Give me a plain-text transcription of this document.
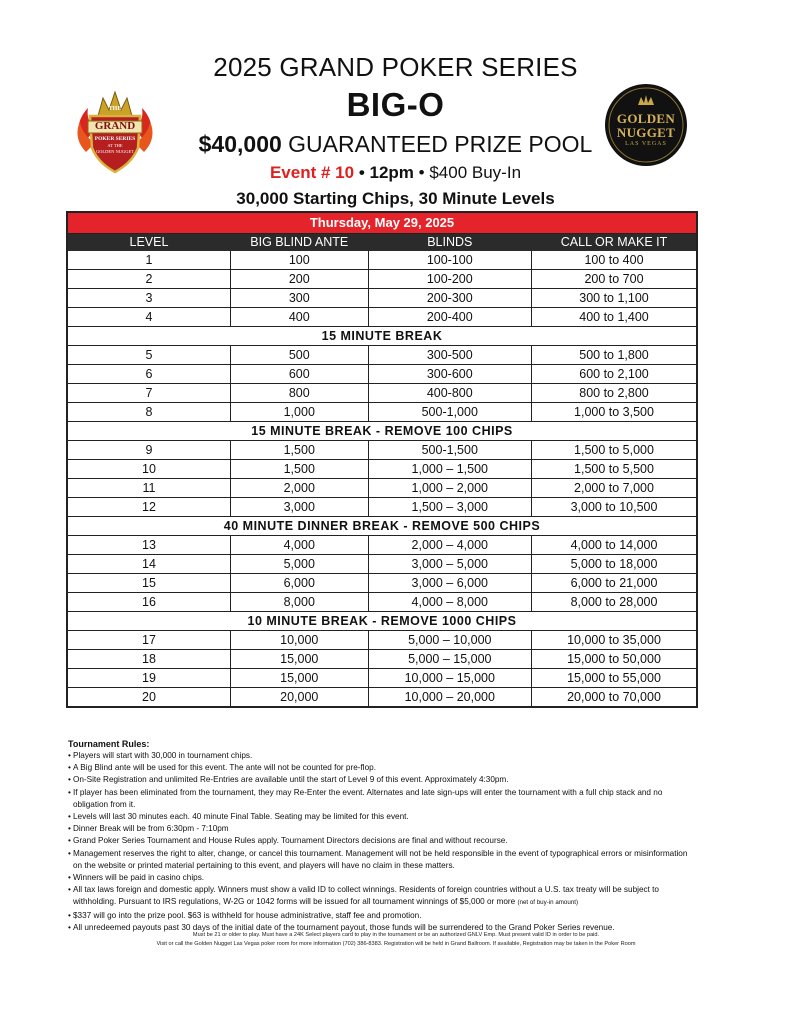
THE
GRAND
POKER SERIES
AT THE
GOLDEN NUGGET
GOLDEN
NUGGET
LAS VEGAS
2025 GRAND POKER SERIES
BIG-O
$40,000 GUARANTEED PRIZE POOL
Event # 10 • 12pm • $400 Buy-In
30,000 Starting Chips, 30 Minute Levels
Thursday, May 29, 2025			
LEVEL	BIG BLIND ANTE	BLINDS	CALL OR MAKE IT
1	100	100-100	100 to 400
2	200	100-200	200 to 700
3	300	200-300	300 to 1,100
4	400	200-400	400 to 1,400
15 MINUTE BREAK			
5	500	300-500	500 to 1,800
6	600	300-600	600 to 2,100
7	800	400-800	800 to 2,800
8	1,000	500-1,000	1,000 to 3,500
15 MINUTE BREAK - REMOVE 100 CHIPS			
9	1,500	500-1,500	1,500 to 5,000
10	1,500	1,000 – 1,500	1,500 to 5,500
11	2,000	1,000 – 2,000	2,000 to 7,000
12	3,000	1,500 – 3,000	3,000 to 10,500
40 MINUTE DINNER BREAK - REMOVE 500 CHIPS			
13	4,000	2,000 – 4,000	4,000 to 14,000
14	5,000	3,000 – 5,000	5,000 to 18,000
15	6,000	3,000 – 6,000	6,000 to 21,000
16	8,000	4,000 – 8,000	8,000 to 28,000
10 MINUTE BREAK - REMOVE 1000 CHIPS			
17	10,000	5,000 – 10,000	10,000 to 35,000
18	15,000	5,000 – 15,000	15,000 to 50,000
19	15,000	10,000 – 15,000	15,000 to 55,000
20	20,000	10,000 – 20,000	20,000 to 70,000
Tournament Rules:
• Players will start with 30,000 in tournament chips.
• A Big Blind ante will be used for this event. The ante will not be counted for pre-flop.
• On-Site Registration and unlimited Re-Entries are available until the start of Level 9 of this event. Approximately 4:30pm.
• If player has been eliminated from the tournament, they may Re-Enter the event. Alternates and late sign-ups will enter the tournament with a full chip stack and no obligation from it.
• Levels will last 30 minutes each. 40 minute Final Table. Seating may be limited for this event.
• Dinner Break will be from 6:30pm - 7:10pm
• Grand Poker Series Tournament and House Rules apply. Tournament Directors decisions are final and without recourse.
• Management reserves the right to alter, change, or cancel this tournament. Management will not be held responsible in the event of typographical errors or misinformation on the website or printed material pertaining to this event, and players will have no claim in these matters.
• Winners will be paid in casino chips.
• All tax laws foreign and domestic apply. Winners must show a valid ID to collect winnings. Residents of foreign countries without a U.S. tax treaty will be subject to withholding. Pursuant to IRS regulations, W-2G or 1042 forms will be issued for all tournament winnings of $5,000 or more (net of buy-in amount)
• $337 will go into the prize pool. $63 is withheld for house administrative, staff fee and promotion.
• All unredeemed payouts past 30 days of the initial date of the tournament payout, those funds will be surrendered to the Grand Poker Series revenue.
Must be 21 or older to play. Must have a 24K Select players card to play in the tournament or be an authorized GNLV Emp. Must present valid ID in order to be paid.
Visit or call the Golden Nugget Las Vegas poker room for more information (702) 386-8383. Registration will be held in Grand Ballroom. If available, Registration may be taken in the Poker Room
